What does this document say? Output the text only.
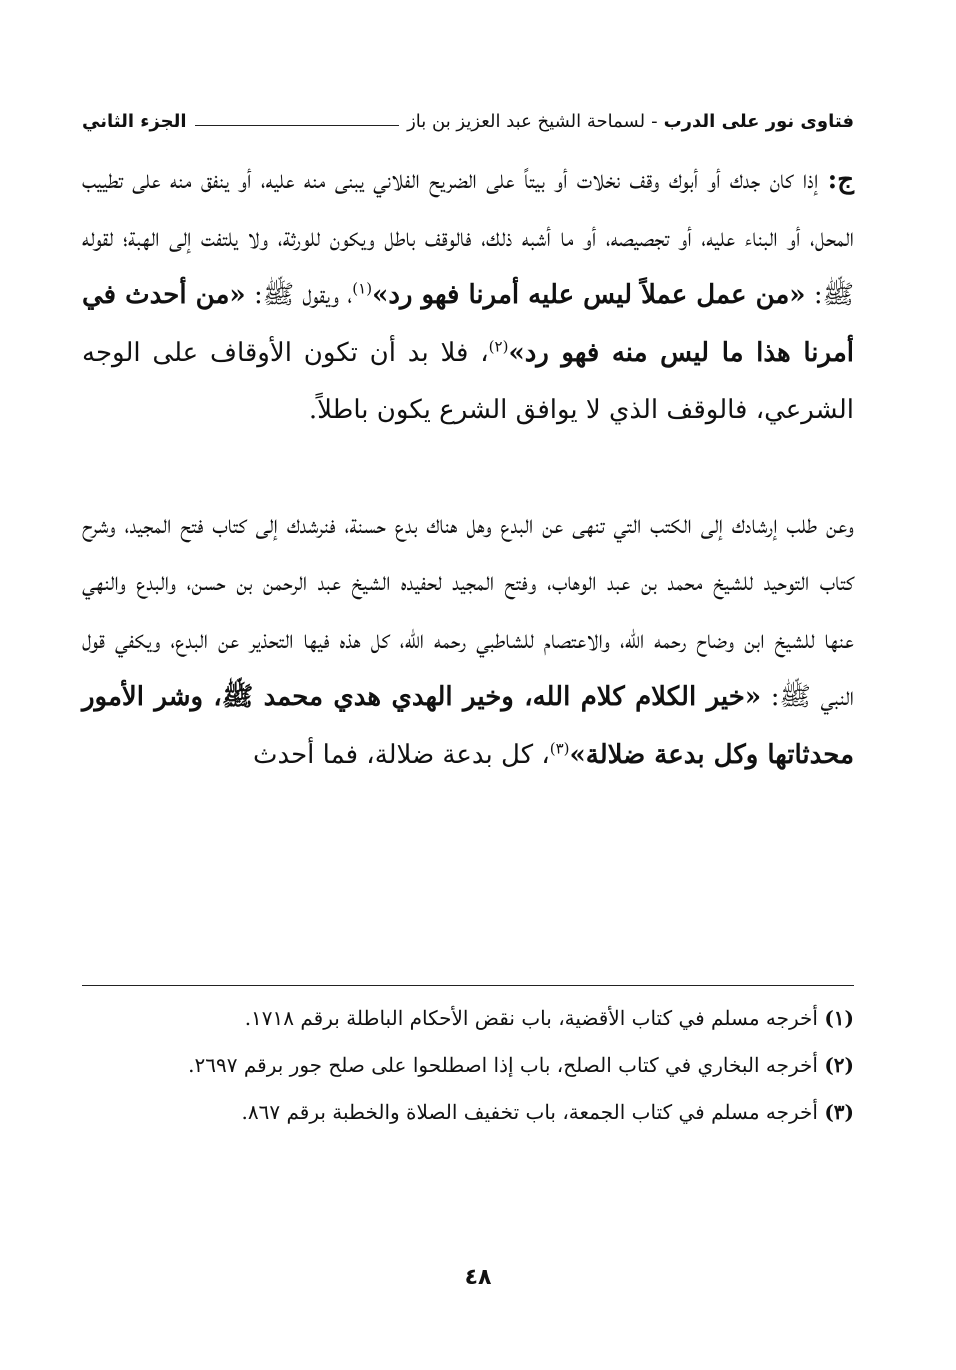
فتاوى نور على الدرب
-
لسماحة الشيخ عبد العزيز بن باز
الجزء الثاني

ج: إذا كان جدك أو أبوك وقف نخلات أو بيتاً على الضريح الفلاني يبنى منه عليه، أو ينفق منه على تطييب المحل، أو البناء عليه، أو تجصيصه، أو ما أشبه ذلك، فالوقف باطل ويكون للورثة، ولا يلتفت إلى الهبة؛ لقوله ﷺ: «من عمل عملاً ليس عليه أمرنا فهو رد»$^{(١)}$، ويقول ﷺ: «من أحدث في أمرنا هذا ما ليس منه فهو رد»$^{(٢)}$، فلا بد أن تكون الأوقاف على الوجه الشرعي، فالوقف الذي لا يوافق الشرع يكون باطلاً.

وعن طلب إرشادك إلى الكتب التي تنهى عن البدع وهل هناك بدع حسنة، فنرشدك إلى كتاب فتح المجيد، وشرح كتاب التوحيد للشيخ محمد بن عبد الوهاب، وفتح المجيد لحفيده الشيخ عبد الرحمن بن حسن، والبدع والنهي عنها للشيخ ابن وضاح رحمه الله، والاعتصام للشاطبي رحمه الله، كل هذه فيها التحذير عن البدع، ويكفي قول النبي ﷺ: «خير الكلام كلام الله، وخير الهدي هدي محمد ﷺ، وشر الأمور محدثاتها وكل بدعة ضلالة»$^{(٣)}$، كل بدعة ضلالة، فما أحدث

(١) أخرجه مسلم في كتاب الأقضية، باب نقض الأحكام الباطلة برقم ١٧١٨.

(٢) أخرجه البخاري في كتاب الصلح، باب إذا اصطلحوا على صلح جور برقم ٢٦٩٧.

(٣) أخرجه مسلم في كتاب الجمعة، باب تخفيف الصلاة والخطبة برقم ٨٦٧.

٤٨
